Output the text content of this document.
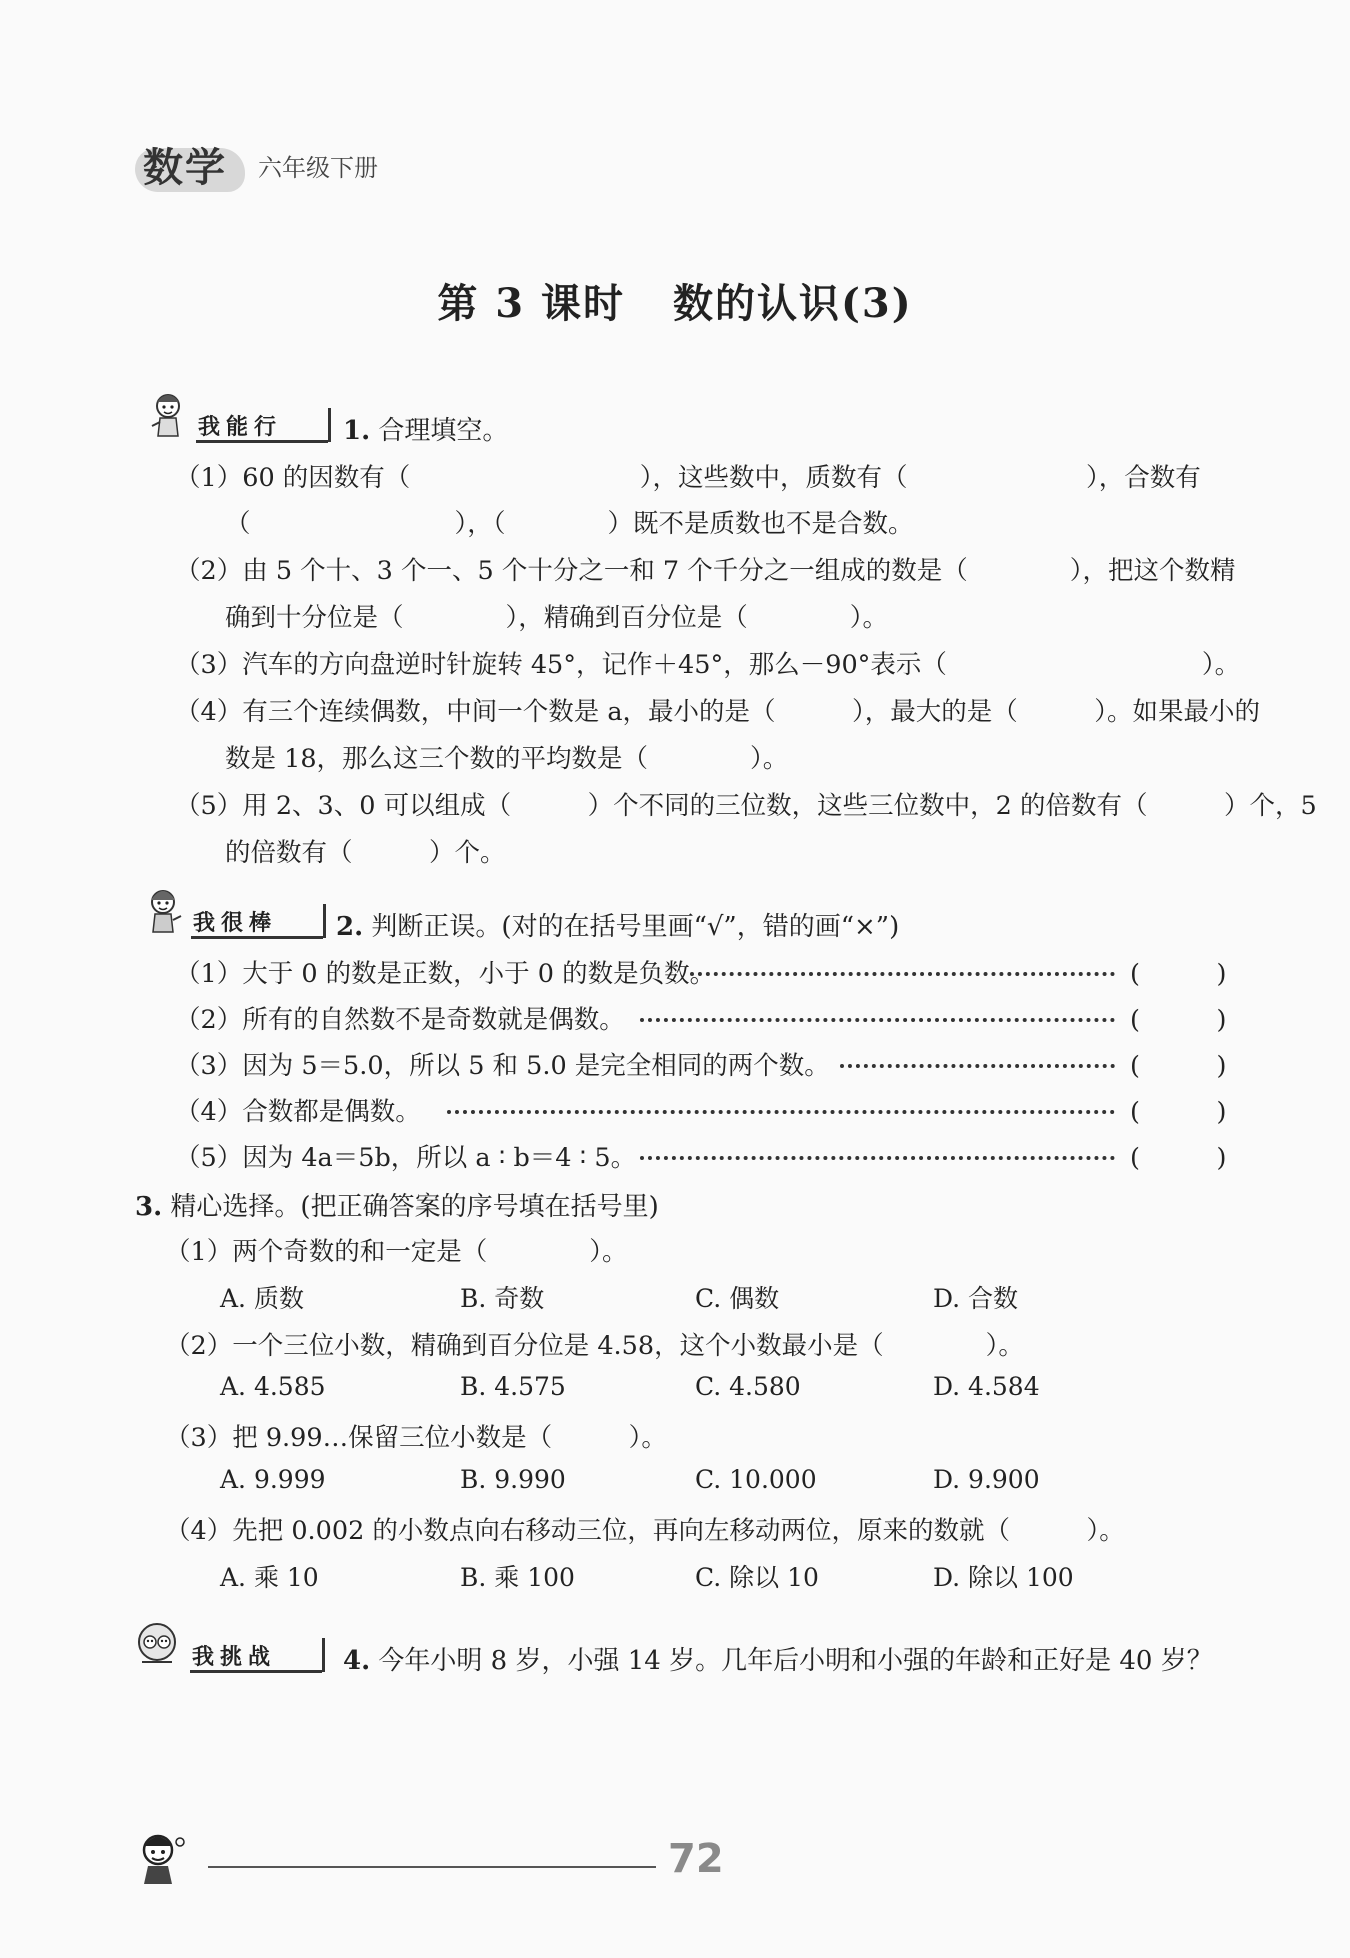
数学 六年级下册
第 3 课时 数的认识(3)
我能行 1. 合理填空。
（1）60 的因数有（　　　　　　　　　），这些数中，质数有（　　　　　　　），合数有
（　　　　　　　　），（　　　　）既不是质数也不是合数。
（2）由 5 个十、3 个一、5 个十分之一和 7 个千分之一组成的数是（　　　　），把这个数精
确到十分位是（　　　　），精确到百分位是（　　　　）。
（3）汽车的方向盘逆时针旋转 45°，记作＋45°，那么－90°表示（　　　　　　　　　　）。
（4）有三个连续偶数，中间一个数是 a，最小的是（　　　），最大的是（　　　）。如果最小的
数是 18，那么这三个数的平均数是（　　　　）。
（5）用 2、3、0 可以组成（　　　）个不同的三位数，这些三位数中，2 的倍数有（　　　）个，5
的倍数有（　　　）个。
我很棒 2. 判断正误。(对的在括号里画“√”，错的画“×”)
（1）大于 0 的数是正数，小于 0 的数是负数。	(　　　)
（2）所有的自然数不是奇数就是偶数。	(　　　)
（3）因为 5＝5.0，所以 5 和 5.0 是完全相同的两个数。	(　　　)
（4）合数都是偶数。	(　　　)
（5）因为 4a＝5b，所以 a ∶ b＝4 ∶ 5。	(　　　)
3. 精心选择。(把正确答案的序号填在括号里)
（1）两个奇数的和一定是（　　　　）。
A. 质数	B. 奇数	C. 偶数	D. 合数
（2）一个三位小数，精确到百分位是 4.58，这个小数最小是（　　　　）。
A. 4.585	B. 4.575	C. 4.580	D. 4.584
（3）把 9.99…保留三位小数是（　　　）。
A. 9.999	B. 9.990	C. 10.000	D. 9.900
（4）先把 0.002 的小数点向右移动三位，再向左移动两位，原来的数就（　　　）。
A. 乘 10	B. 乘 100	C. 除以 10	D. 除以 100
我挑战	4. 今年小明 8 岁，小强 14 岁。几年后小明和小强的年龄和正好是 40 岁？
72
